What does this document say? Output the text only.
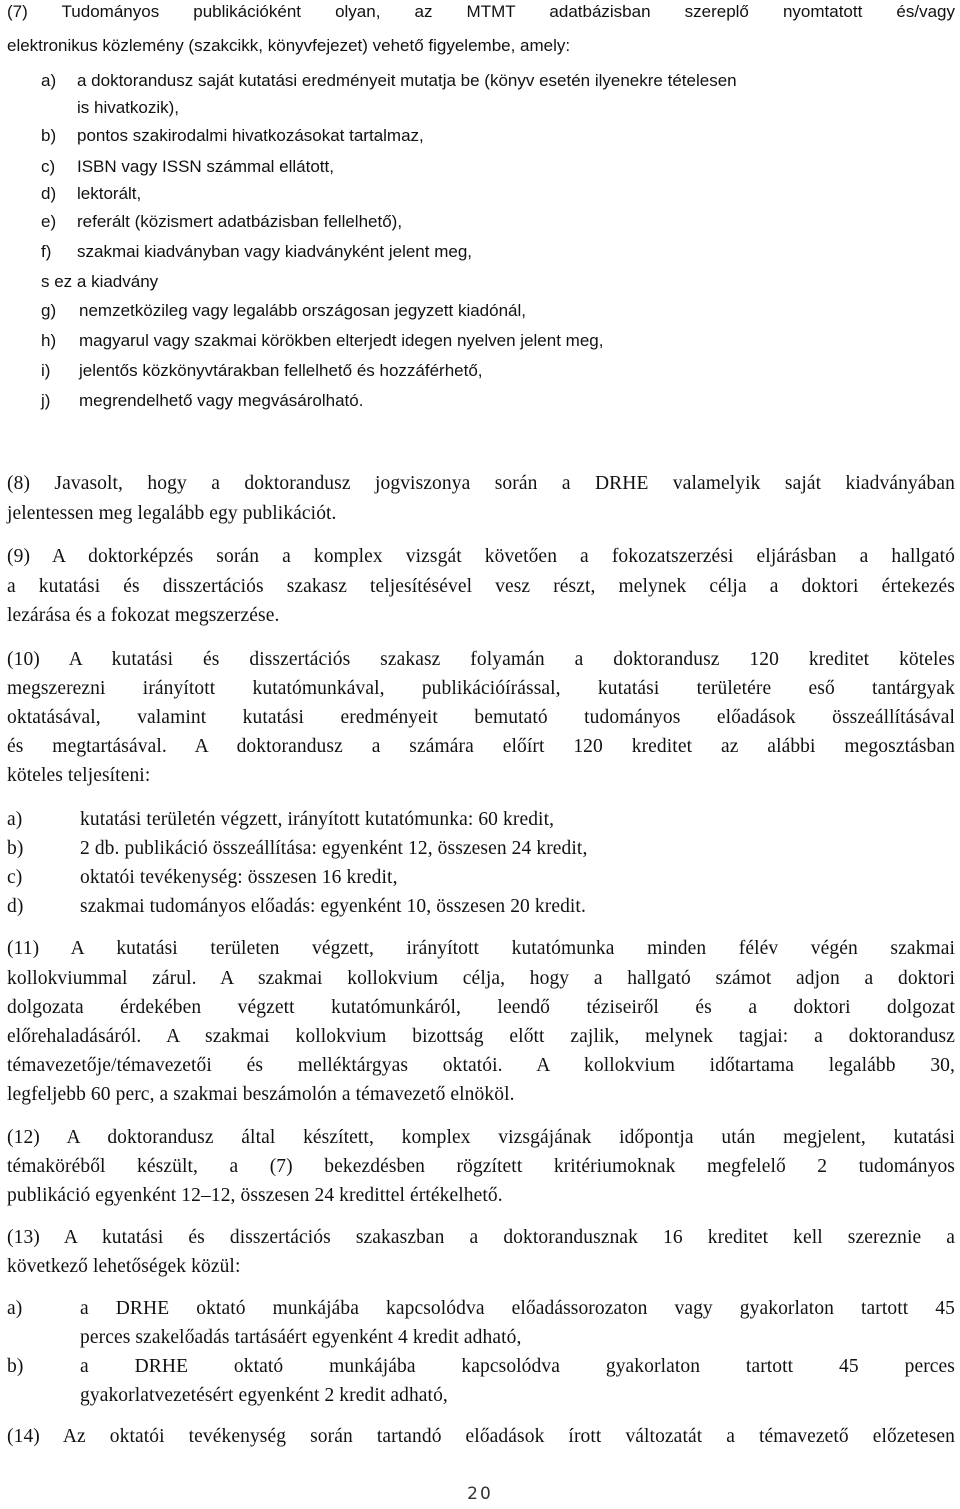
(7) Tudományos publikációként olyan, az MTMT adatbázisban szereplő nyomtatott és/vagy
elektronikus közlemény (szakcikk, könyvfejezet) vehető figyelembe, amely:
a) a doktorandusz saját kutatási eredményeit mutatja be (könyv esetén ilyenekre tételesen
is hivatkozik),
b) pontos szakirodalmi hivatkozásokat tartalmaz,
c) ISBN vagy ISSN számmal ellátott,
d) lektorált,
e) referált (közismert adatbázisban fellelhető),
f) szakmai kiadványban vagy kiadványként jelent meg,
s ez a kiadvány
g) nemzetközileg vagy legalább országosan jegyzett kiadónál,
h) magyarul vagy szakmai körökben elterjedt idegen nyelven jelent meg,
i) jelentős közkönyvtárakban fellelhető és hozzáférhető,
j) megrendelhető vagy megvásárolható.
(8) Javasolt, hogy a doktorandusz jogviszonya során a DRHE valamelyik saját kiadványában
jelentessen meg legalább egy publikációt.
(9) A doktorképzés során a komplex vizsgát követően a fokozatszerzési eljárásban a hallgató
a kutatási és disszertációs szakasz teljesítésével vesz részt, melynek célja a doktori értekezés
lezárása és a fokozat megszerzése.
(10) A kutatási és disszertációs szakasz folyamán a doktorandusz 120 kreditet köteles
megszerezni irányított kutatómunkával, publikációírással, kutatási területére eső tantárgyak
oktatásával, valamint kutatási eredményeit bemutató tudományos előadások összeállításával
és megtartásával. A doktorandusz a számára előírt 120 kreditet az alábbi megosztásban
köteles teljesíteni:
a)	kutatási területén végzett, irányított kutatómunka: 60 kredit,
b)	2 db. publikáció összeállítása: egyenként 12, összesen 24 kredit,
c)	oktatói tevékenység: összesen 16 kredit,
d)	szakmai tudományos előadás: egyenként 10, összesen 20 kredit.
(11) A kutatási területen végzett, irányított kutatómunka minden félév végén szakmai
kollokviummal zárul. A szakmai kollokvium célja, hogy a hallgató számot adjon a doktori
dolgozata érdekében végzett kutatómunkáról, leendő téziseiről és a doktori dolgozat
előrehaladásáról. A szakmai kollokvium bizottság előtt zajlik, melynek tagjai: a doktorandusz
témavezetője/témavezetői és melléktárgyas oktatói. A kollokvium időtartama legalább 30,
legfeljebb 60 perc, a szakmai beszámolón a témavezető elnököl.
(12) A doktorandusz által készített, komplex vizsgájának időpontja után megjelent, kutatási
témaköréből készült, a (7) bekezdésben rögzített kritériumoknak megfelelő 2 tudományos
publikáció egyenként 12–12, összesen 24 kredittel értékelhető.
(13) A kutatási és disszertációs szakaszban a doktorandusznak 16 kreditet kell szereznie a
következő lehetőségek közül:
a)	a DRHE oktató munkájába kapcsolódva előadássorozaton vagy gyakorlaton tartott 45
perces szakelőadás tartásáért egyenként 4 kredit adható,
b)	a DRHE oktató munkájába kapcsolódva gyakorlaton tartott 45 perces
gyakorlatvezetésért egyenként 2 kredit adható,
(14) Az oktatói tevékenység során tartandó előadások írott változatát a témavezető előzetesen
20
